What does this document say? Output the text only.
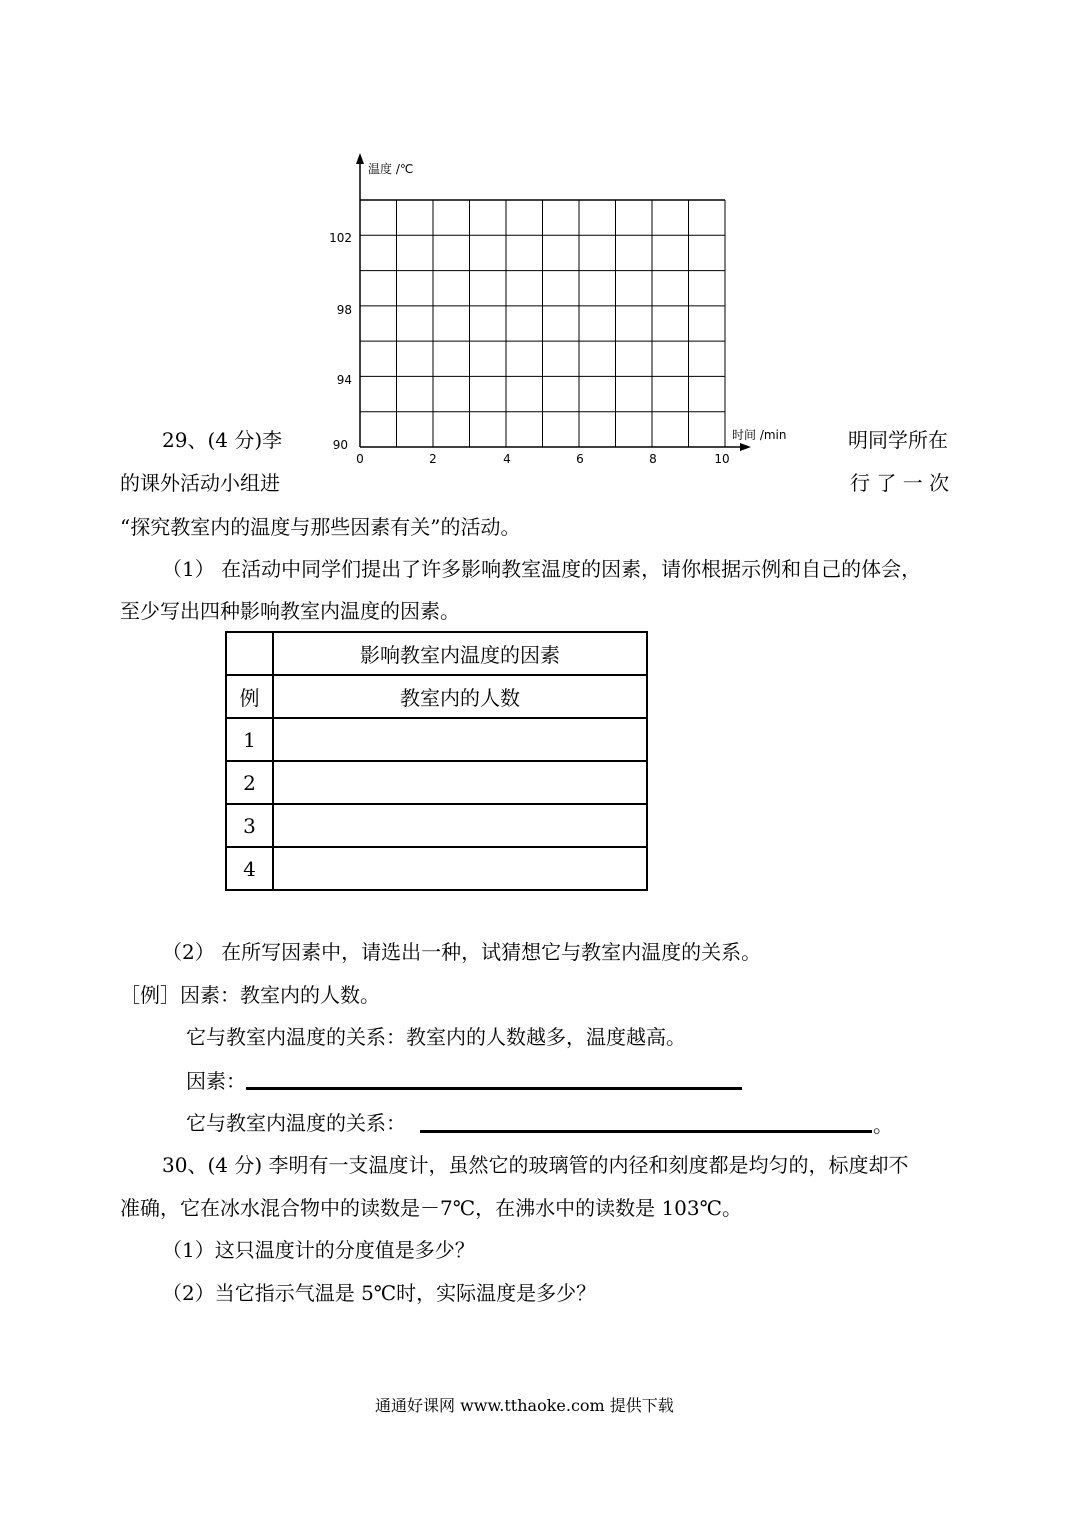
温度 /℃
时间 /min
102
98
94
90
0	2	4	6	8	10
29、(4 分)李	明同学所在
的课外活动小组进	行 了 一 次
“探究教室内的温度与那些因素有关”的活动。
（1） 在活动中同学们提出了许多影响教室温度的因素，请你根据示例和自己的体会，
至少写出四种影响教室内温度的因素。
	影响教室内温度的因素
例	教室内的人数
1	
2	
3	
4	
（2） 在所写因素中，请选出一种，试猜想它与教室内温度的关系。
［例］因素：教室内的人数。
它与教室内温度的关系：教室内的人数越多，温度越高。
因素：
它与教室内温度的关系：	。
30、(4 分) 李明有一支温度计，虽然它的玻璃管的内径和刻度都是均匀的，标度却不
准确，它在冰水混合物中的读数是－7℃，在沸水中的读数是 103℃。
（1）这只温度计的分度值是多少？
（2）当它指示气温是 5℃时，实际温度是多少？
通通好课网 www.tthaoke.com 提供下载
